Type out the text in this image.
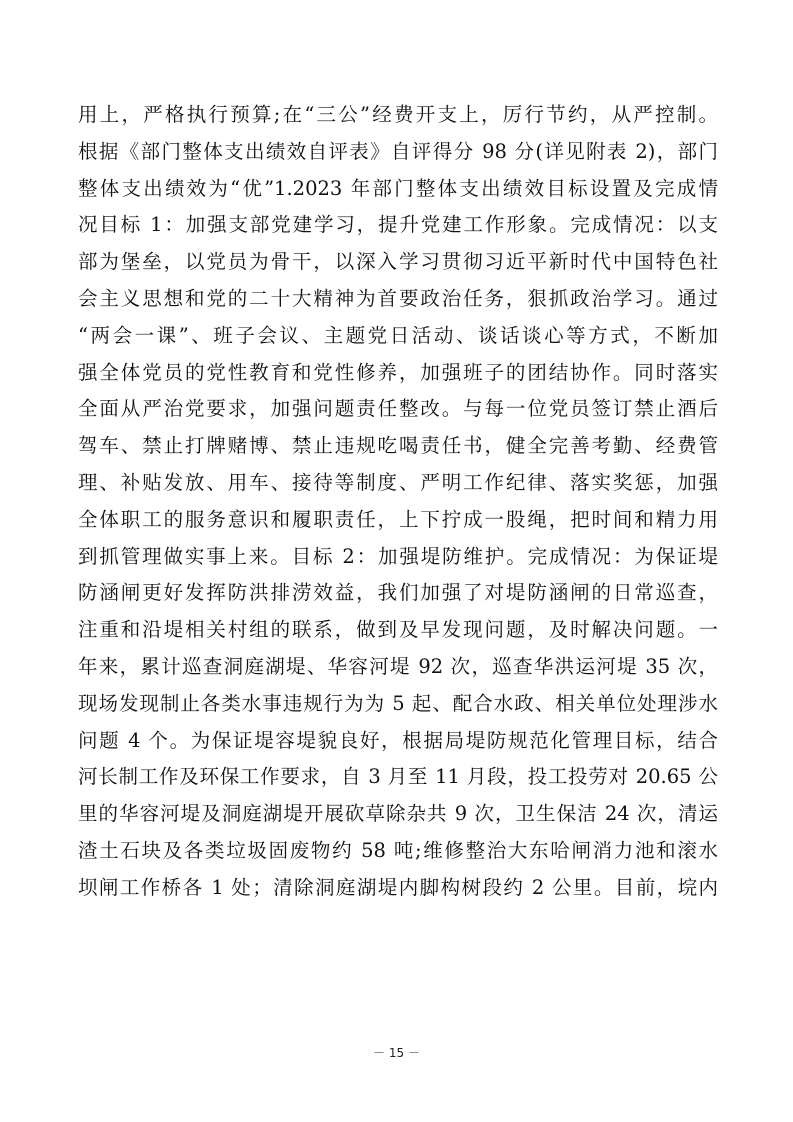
用上，严格执行预算;在“三公”经费开支上，厉行节约，从严控制。
根据《部门整体支出绩效自评表》自评得分 98 分(详见附表 2)，部门
整体支出绩效为“优”1.2023 年部门整体支出绩效目标设置及完成情
况目标 1：加强支部党建学习，提升党建工作形象。完成情况：以支
部为堡垒，以党员为骨干，以深入学习贯彻习近平新时代中国特色社
会主义思想和党的二十大精神为首要政治任务，狠抓政治学习。通过
“两会一课”、班子会议、主题党日活动、谈话谈心等方式，不断加
强全体党员的党性教育和党性修养，加强班子的团结协作。同时落实
全面从严治党要求，加强问题责任整改。与每一位党员签订禁止酒后
驾车、禁止打牌赌博、禁止违规吃喝责任书，健全完善考勤、经费管
理、补贴发放、用车、接待等制度、严明工作纪律、落实奖惩，加强
全体职工的服务意识和履职责任，上下拧成一股绳，把时间和精力用
到抓管理做实事上来。目标 2：加强堤防维护。完成情况：为保证堤
防涵闸更好发挥防洪排涝效益，我们加强了对堤防涵闸的日常巡查，
注重和沿堤相关村组的联系，做到及早发现问题，及时解决问题。一
年来，累计巡查洞庭湖堤、华容河堤 92 次，巡查华洪运河堤 35 次，
现场发现制止各类水事违规行为为 5 起、配合水政、相关单位处理涉水
问题 4 个。为保证堤容堤貌良好，根据局堤防规范化管理目标，结合
河长制工作及环保工作要求，自 3 月至 11 月段，投工投劳对 20.65 公
里的华容河堤及洞庭湖堤开展砍草除杂共 9 次，卫生保洁 24 次，清运
渣土石块及各类垃圾固废物约 58 吨;维修整治大东哈闸消力池和滚水
坝闸工作桥各 1 处；清除洞庭湖堤内脚构树段约 2 公里。目前，垸内
－ 15 －
